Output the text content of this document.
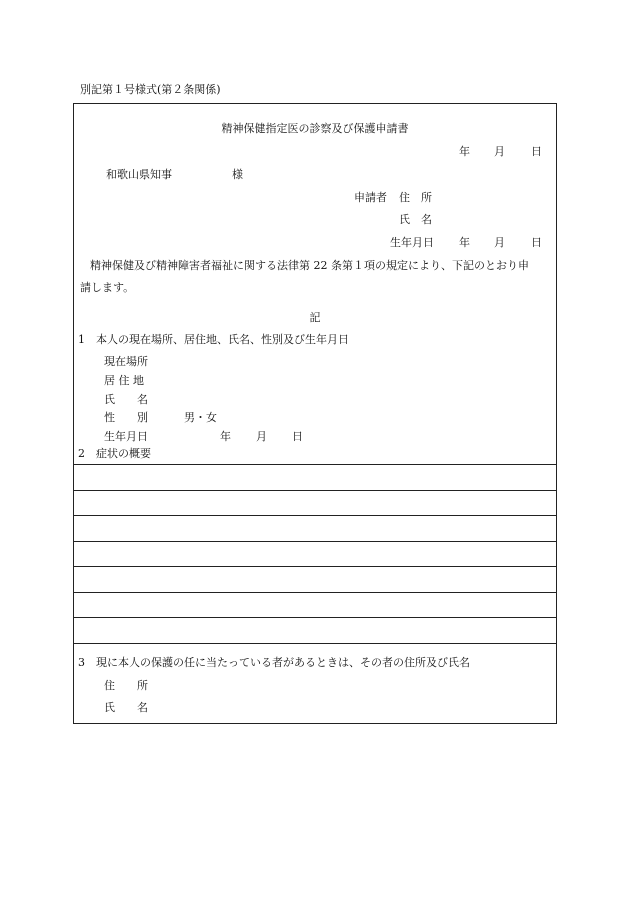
別記第１号様式(第２条関係)
精神保健指定医の診察及び保護申請書
年 月 日
和歌山県知事	様
申請者 住　所
氏　名
生年月日 年 月 日
精神保健及び精神障害者福祉に関する法律第 22 条第１項の規定により、下記のとおり申
請します。
記
1　本人の現在場所、居住地、氏名、性別及び生年月日
現在場所
居 住 地
氏　　名
性　　別	男・女
生年月日	年 月 日
2　症状の概要
3　現に本人の保護の任に当たっている者があるときは、その者の住所及び氏名
住　　所
氏　　名
